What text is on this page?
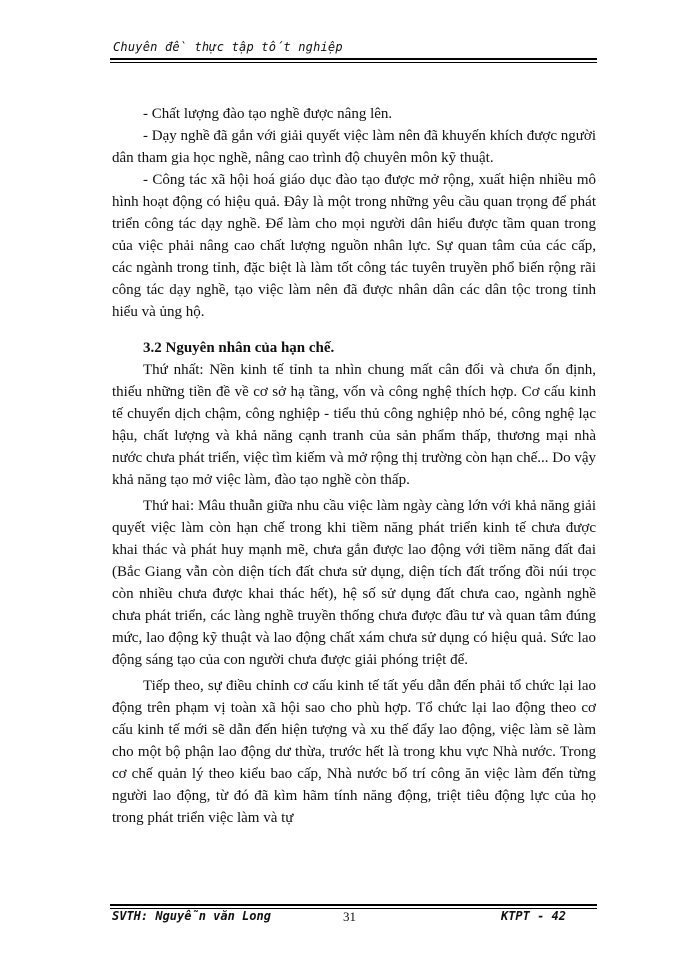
Chuyên đề thực tập tốt nghiệp

- Chất lượng đào tạo nghề được nâng lên.

- Dạy nghề đã gắn với giải quyết việc làm nên đã khuyến khích được người dân tham gia học nghề, nâng cao trình độ chuyên môn kỹ thuật.

- Công tác xã hội hoá giáo dục đào tạo được mở rộng, xuất hiện nhiều mô hình hoạt động có hiệu quả. Đây là một trong những yêu cầu quan trọng để phát triển công tác dạy nghề. Để làm cho mọi người dân hiểu được tầm quan trong của việc phải nâng cao chất lượng nguồn nhân lực. Sự quan tâm của các cấp, các ngành trong tỉnh, đặc biệt là làm tốt công tác tuyên truyền phổ biến rộng rãi công tác dạy nghề, tạo việc làm nên đã được nhân dân các dân tộc trong tỉnh hiểu và ủng hộ.

3.2 Nguyên nhân của hạn chế.

Thứ nhất: Nền kinh tế tỉnh ta nhìn chung mất cân đối và chưa ổn định, thiếu những tiền đề về cơ sở hạ tầng, vốn và công nghệ thích hợp. Cơ cấu kinh tế chuyển dịch chậm, công nghiệp - tiểu thủ công nghiệp nhỏ bé, công nghệ lạc hậu, chất lượng và khả năng cạnh tranh của sản phẩm thấp, thương mại nhà nước chưa phát triển, việc tìm kiếm và mở rộng thị trường còn hạn chế... Do vậy khả năng tạo mở việc làm, đào tạo nghề còn thấp.

Thứ hai: Mâu thuẫn giữa nhu cầu việc làm ngày càng lớn với khả năng giải quyết việc làm còn hạn chế trong khi tiềm năng phát triển kinh tế chưa được khai thác và phát huy mạnh mẽ, chưa gắn được lao động với tiềm năng đất đai (Bắc Giang vẫn còn diện tích đất chưa sử dụng, diện tích đất trống đồi núi trọc còn nhiều chưa được khai thác hết), hệ số sử dụng đất chưa cao, ngành nghề chưa phát triển, các làng nghề truyền thống chưa được đầu tư và quan tâm đúng mức, lao động kỹ thuật và lao động chất xám chưa sử dụng có hiệu quả. Sức lao động sáng tạo của con người chưa được giải phóng triệt để.

Tiếp theo, sự điều chỉnh cơ cấu kinh tế tất yếu dẫn đến phải tổ chức lại lao động trên phạm vị toàn xã hội sao cho phù hợp. Tổ chức lại lao động theo cơ cấu kinh tế mới sẽ dẫn đến hiện tượng và xu thế đẩy lao động, việc làm sẽ làm cho một bộ phận lao động dư thừa, trước hết là trong khu vực Nhà nước. Trong cơ chế quản lý theo kiểu bao cấp, Nhà nước bố trí công ăn việc làm đến từng người lao động, từ đó đã kìm hãm tính năng động, triệt tiêu động lực của họ trong phát triển việc làm và tự

SVTH: Nguyễn văn Long	31	KTPT - 42
